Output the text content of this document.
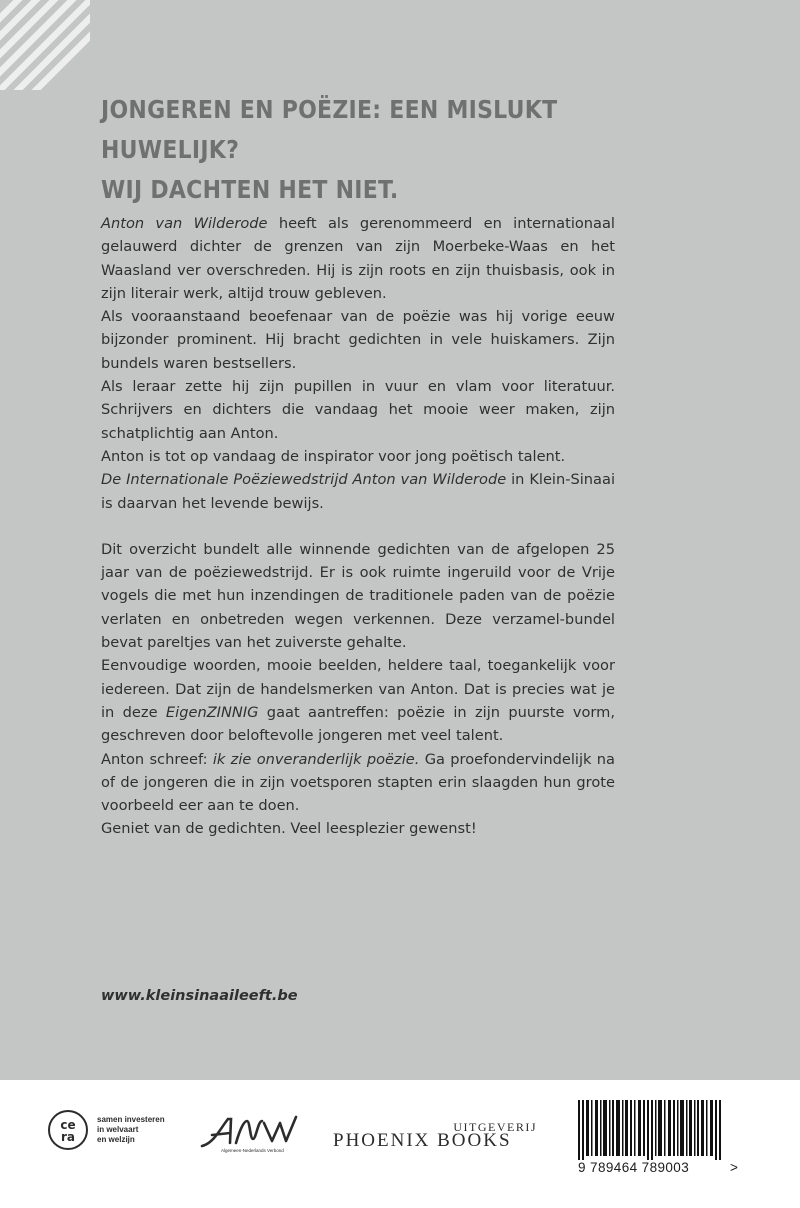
JONGEREN EN POËZIE: EEN MISLUKT HUWELIJK?
WIJ DACHTEN HET NIET.

Anton van Wilderode heeft als gerenommeerd en internationaal gelauwerd dichter de grenzen van zijn Moerbeke-Waas en het Waasland ver overschreden. Hij is zijn roots en zijn thuisbasis, ook in zijn literair werk, altijd trouw gebleven.

Als vooraanstaand beoefenaar van de poëzie was hij vorige eeuw bijzonder prominent. Hij bracht gedichten in vele huiskamers. Zijn bundels waren bestsellers.

Als leraar zette hij zijn pupillen in vuur en vlam voor literatuur. Schrijvers en dichters die vandaag het mooie weer maken, zijn schatplichtig aan Anton.

Anton is tot op vandaag de inspirator voor jong poëtisch talent.

De Internationale Poëziewedstrijd Anton van Wilderode in Klein-Sinaai is daarvan het levende bewijs.

Dit overzicht bundelt alle winnende gedichten van de afgelopen 25 jaar van de poëziewedstrijd. Er is ook ruimte ingeruild voor de Vrije vogels die met hun inzendingen de traditionele paden van de poëzie verlaten en onbetreden wegen verkennen. Deze verzamel-bundel bevat pareltjes van het zuiverste gehalte.

Eenvoudige woorden, mooie beelden, heldere taal, toegankelijk voor iedereen. Dat zijn de handelsmerken van Anton. Dat is precies wat je in deze EigenZINNIG gaat aantreffen: poëzie in zijn puurste vorm, geschreven door beloftevolle jongeren met veel talent.

Anton schreef: ik zie onveranderlijk poëzie. Ga proefondervindelijk na of de jongeren die in zijn voetsporen stapten erin slaagden hun grote voorbeeld eer aan te doen.

Geniet van de gedichten. Veel leesplezier gewenst!

www.kleinsinaaileeft.be
ce
ra
samen investeren
in welvaart
en welzijn
Algemeen-Nederlands Verbond
UITGEVERIJ
PHOENIX BOOKS
9 789464 789003	>
